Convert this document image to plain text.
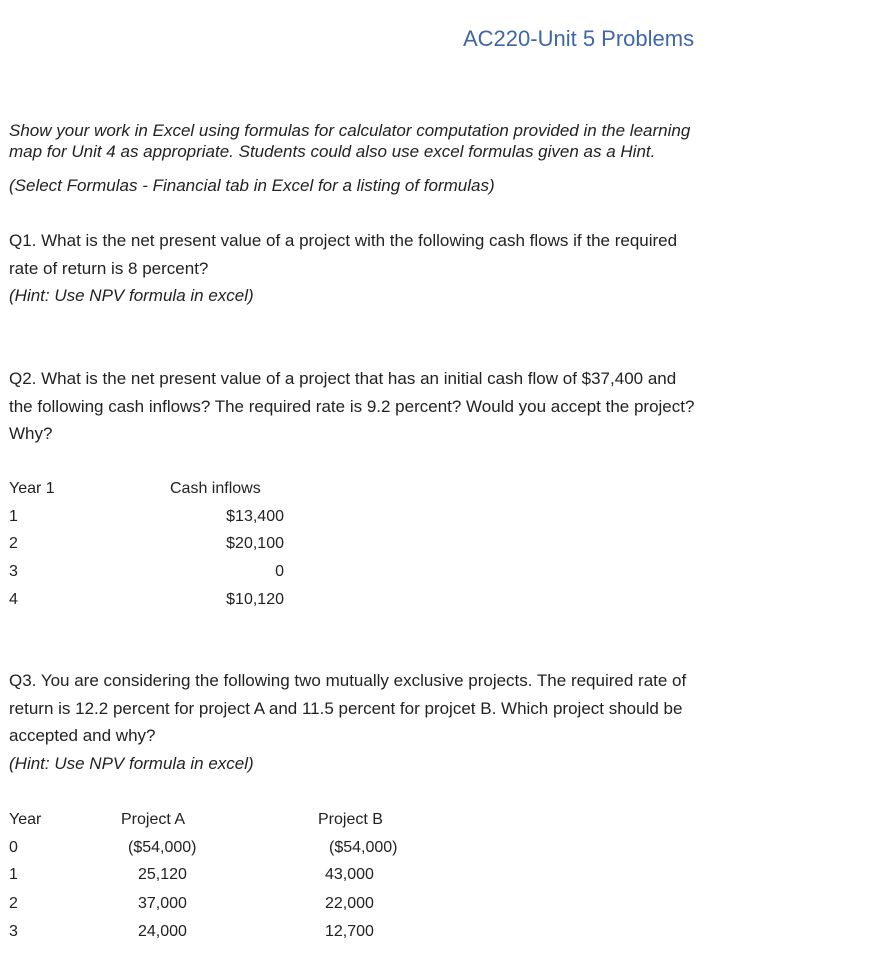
AC220-Unit 5 Problems
Show your work in Excel using formulas for calculator computation provided in the learning
map for Unit 4 as appropriate. Students could also use excel formulas given as a Hint.
(Select Formulas - Financial tab in Excel for a listing of formulas)
Q1. What is the net present value of a project with the following cash flows if the required
rate of return is 8 percent?
(Hint: Use NPV formula in excel)
Q2. What is the net present value of a project that has an initial cash flow of $37,400 and
the following cash inflows? The required rate is 9.2 percent? Would you accept the project?
Why?
Year 1	Cash inflows
1	$13,400
2	$20,100
3	0
4	$10,120
Q3. You are considering the following two mutually exclusive projects. The required rate of
return is 12.2 percent for project A and 11.5 percent for projcet B. Which project should be
accepted and why?
(Hint: Use NPV formula in excel)
Year	Project A	Project B
0	($54,000)	($54,000)
1	25,120	43,000
2	37,000	22,000
3	24,000	12,700
